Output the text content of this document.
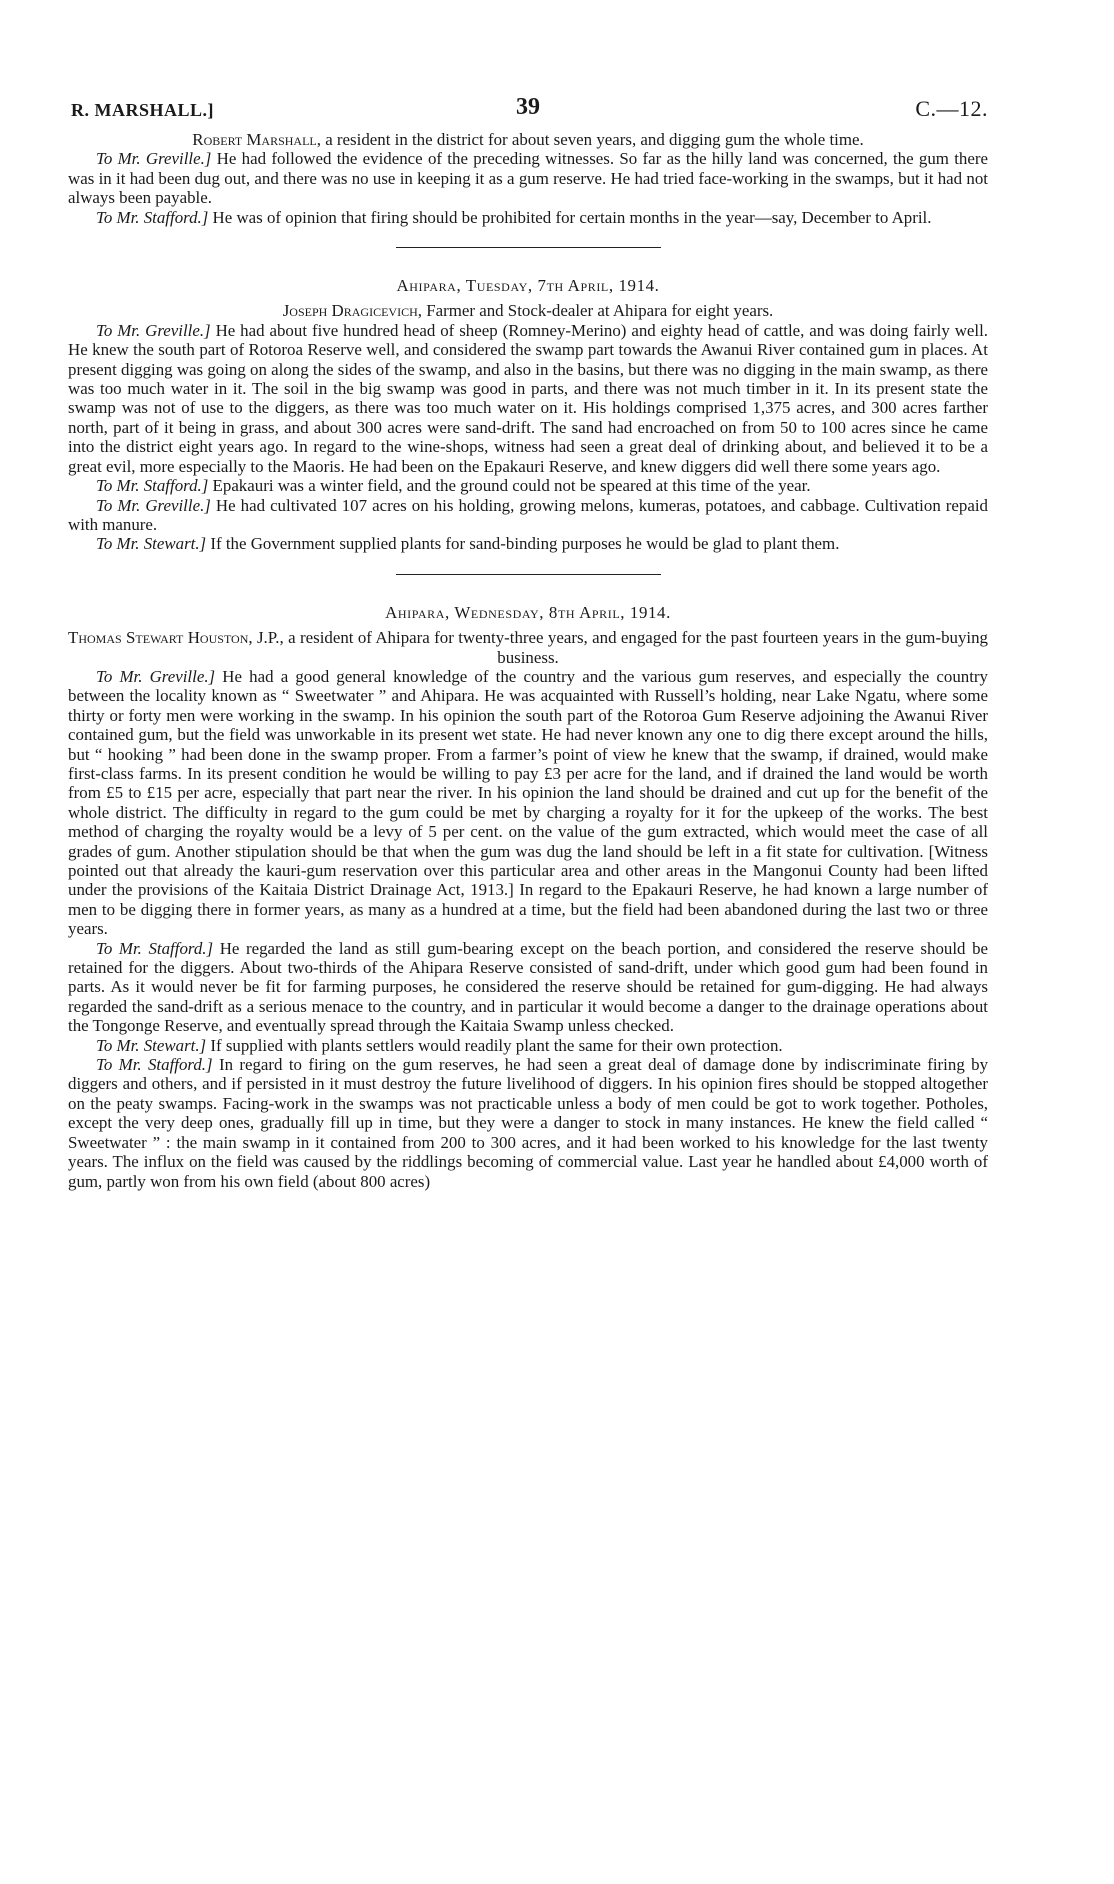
R. MARSHALL.]	39	C.—12.

Robert Marshall, a resident in the district for about seven years, and digging gum the whole time.

To Mr. Greville.] He had followed the evidence of the preceding witnesses. So far as the hilly land was concerned, the gum there was in it had been dug out, and there was no use in keeping it as a gum reserve. He had tried face-working in the swamps, but it had not always been payable.

To Mr. Stafford.] He was of opinion that firing should be prohibited for certain months in the year—say, December to April.

Ahipara, Tuesday, 7th April, 1914.

Joseph Dragicevich, Farmer and Stock-dealer at Ahipara for eight years.

To Mr. Greville.] He had about five hundred head of sheep (Romney-Merino) and eighty head of cattle, and was doing fairly well. He knew the south part of Rotoroa Reserve well, and considered the swamp part towards the Awanui River contained gum in places. At present digging was going on along the sides of the swamp, and also in the basins, but there was no digging in the main swamp, as there was too much water in it. The soil in the big swamp was good in parts, and there was not much timber in it. In its present state the swamp was not of use to the diggers, as there was too much water on it. His holdings comprised 1,375 acres, and 300 acres farther north, part of it being in grass, and about 300 acres were sand-drift. The sand had encroached on from 50 to 100 acres since he came into the district eight years ago. In regard to the wine-shops, witness had seen a great deal of drinking about, and believed it to be a great evil, more especially to the Maoris. He had been on the Epakauri Reserve, and knew diggers did well there some years ago.

To Mr. Stafford.] Epakauri was a winter field, and the ground could not be speared at this time of the year.

To Mr. Greville.] He had cultivated 107 acres on his holding, growing melons, kumeras, potatoes, and cabbage. Cultivation repaid with manure.

To Mr. Stewart.] If the Government supplied plants for sand-binding purposes he would be glad to plant them.

Ahipara, Wednesday, 8th April, 1914.

Thomas Stewart Houston, J.P., a resident of Ahipara for twenty-three years, and engaged for the past fourteen years in the gum-buying business.

To Mr. Greville.] He had a good general knowledge of the country and the various gum reserves, and especially the country between the locality known as “ Sweetwater ” and Ahipara. He was acquainted with Russell’s holding, near Lake Ngatu, where some thirty or forty men were working in the swamp. In his opinion the south part of the Rotoroa Gum Reserve adjoining the Awanui River contained gum, but the field was unworkable in its present wet state. He had never known any one to dig there except around the hills, but “ hooking ” had been done in the swamp proper. From a farmer’s point of view he knew that the swamp, if drained, would make first-class farms. In its present condition he would be willing to pay £3 per acre for the land, and if drained the land would be worth from £5 to £15 per acre, especially that part near the river. In his opinion the land should be drained and cut up for the benefit of the whole district. The difficulty in regard to the gum could be met by charging a royalty for it for the upkeep of the works. The best method of charging the royalty would be a levy of 5 per cent. on the value of the gum extracted, which would meet the case of all grades of gum. Another stipulation should be that when the gum was dug the land should be left in a fit state for cultivation. [Witness pointed out that already the kauri-gum reservation over this particular area and other areas in the Mangonui County had been lifted under the provisions of the Kaitaia District Drainage Act, 1913.] In regard to the Epakauri Reserve, he had known a large number of men to be digging there in former years, as many as a hundred at a time, but the field had been abandoned during the last two or three years.

To Mr. Stafford.] He regarded the land as still gum-bearing except on the beach portion, and considered the reserve should be retained for the diggers. About two-thirds of the Ahipara Reserve consisted of sand-drift, under which good gum had been found in parts. As it would never be fit for farming purposes, he considered the reserve should be retained for gum-digging. He had always regarded the sand-drift as a serious menace to the country, and in particular it would become a danger to the drainage operations about the Tongonge Reserve, and eventually spread through the Kaitaia Swamp unless checked.

To Mr. Stewart.] If supplied with plants settlers would readily plant the same for their own protection.

To Mr. Stafford.] In regard to firing on the gum reserves, he had seen a great deal of damage done by indiscriminate firing by diggers and others, and if persisted in it must destroy the future livelihood of diggers. In his opinion fires should be stopped altogether on the peaty swamps. Facing-work in the swamps was not practicable unless a body of men could be got to work together. Potholes, except the very deep ones, gradually fill up in time, but they were a danger to stock in many instances. He knew the field called “ Sweetwater ” : the main swamp in it contained from 200 to 300 acres, and it had been worked to his knowledge for the last twenty years. The influx on the field was caused by the riddlings becoming of commercial value. Last year he handled about £4,000 worth of gum, partly won from his own field (about 800 acres)
